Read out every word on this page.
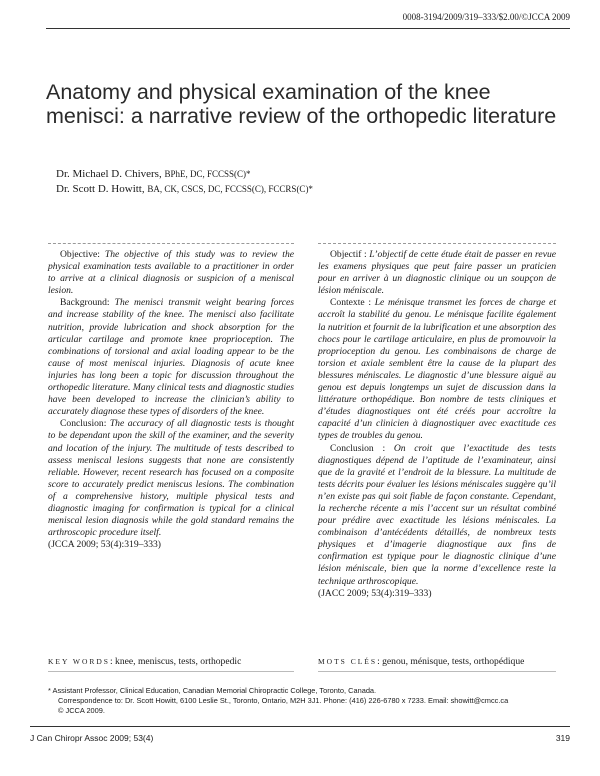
0008-3194/2009/319–333/$2.00/©JCCA 2009
Anatomy and physical examination of the knee menisci: a narrative review of the orthopedic literature
Dr. Michael D. Chivers, BPhE, DC, FCCSS(C)*
Dr. Scott D. Howitt, BA, CK, CSCS, DC, FCCSS(C), FCCRS(C)*

Objective: The objective of this study was to review the physical examination tests available to a practitioner in order to arrive at a clinical diagnosis or suspicion of a meniscal lesion.

Background: The menisci transmit weight bearing forces and increase stability of the knee. The menisci also facilitate nutrition, provide lubrication and shock absorption for the articular cartilage and promote knee proprioception. The combinations of torsional and axial loading appear to be the cause of most meniscal injuries. Diagnosis of acute knee injuries has long been a topic for discussion throughout the orthopedic literature. Many clinical tests and diagnostic studies have been developed to increase the clinician’s ability to accurately diagnose these types of disorders of the knee.

Conclusion: The accuracy of all diagnostic tests is thought to be dependant upon the skill of the examiner, and the severity and location of the injury. The multitude of tests described to assess meniscal lesions suggests that none are consistently reliable. However, recent research has focused on a composite score to accurately predict meniscus lesions. The combination of a comprehensive history, multiple physical tests and diagnostic imaging for confirmation is typical for a clinical meniscal lesion diagnosis while the gold standard remains the arthroscopic procedure itself.

(JCCA 2009; 53(4):319–333)

Objectif : L’objectif de cette étude était de passer en revue les examens physiques que peut faire passer un praticien pour en arriver à un diagnostic clinique ou un soupçon de lésion méniscale.

Contexte : Le ménisque transmet les forces de charge et accroît la stabilité du genou. Le ménisque facilite également la nutrition et fournit de la lubrification et une absorption des chocs pour le cartilage articulaire, en plus de promouvoir la proprioception du genou. Les combinaisons de charge de torsion et axiale semblent être la cause de la plupart des blessures méniscales. Le diagnostic d’une blessure aiguë au genou est depuis longtemps un sujet de discussion dans la littérature orthopédique. Bon nombre de tests cliniques et d’études diagnostiques ont été créés pour accroître la capacité d’un clinicien à diagnostiquer avec exactitude ces types de troubles du genou.

Conclusion : On croit que l’exactitude des tests diagnostiques dépend de l’aptitude de l’examinateur, ainsi que de la gravité et l’endroit de la blessure. La multitude de tests décrits pour évaluer les lésions méniscales suggère qu’il n’en existe pas qui soit fiable de façon constante. Cependant, la recherche récente a mis l’accent sur un résultat combiné pour prédire avec exactitude les lésions méniscales. La combinaison d’antécédents détaillés, de nombreux tests physiques et d’imagerie diagnostique aux fins de confirmation est typique pour le diagnostic clinique d’une lésion méniscale, bien que la norme d’excellence reste la technique arthroscopique.

(JACC 2009; 53(4):319–333)

KEY WORDS: knee, meniscus, tests, orthopedic	MOTS CLÉS: genou, ménisque, tests, orthopédique
* Assistant Professor, Clinical Education, Canadian Memorial Chiropractic College, Toronto, Canada.
Correspondence to: Dr. Scott Howitt, 6100 Leslie St., Toronto, Ontario, M2H 3J1. Phone: (416) 226-6780 x 7233. Email: showitt@cmcc.ca
© JCCA 2009.
J Can Chiropr Assoc 2009; 53(4)	319
